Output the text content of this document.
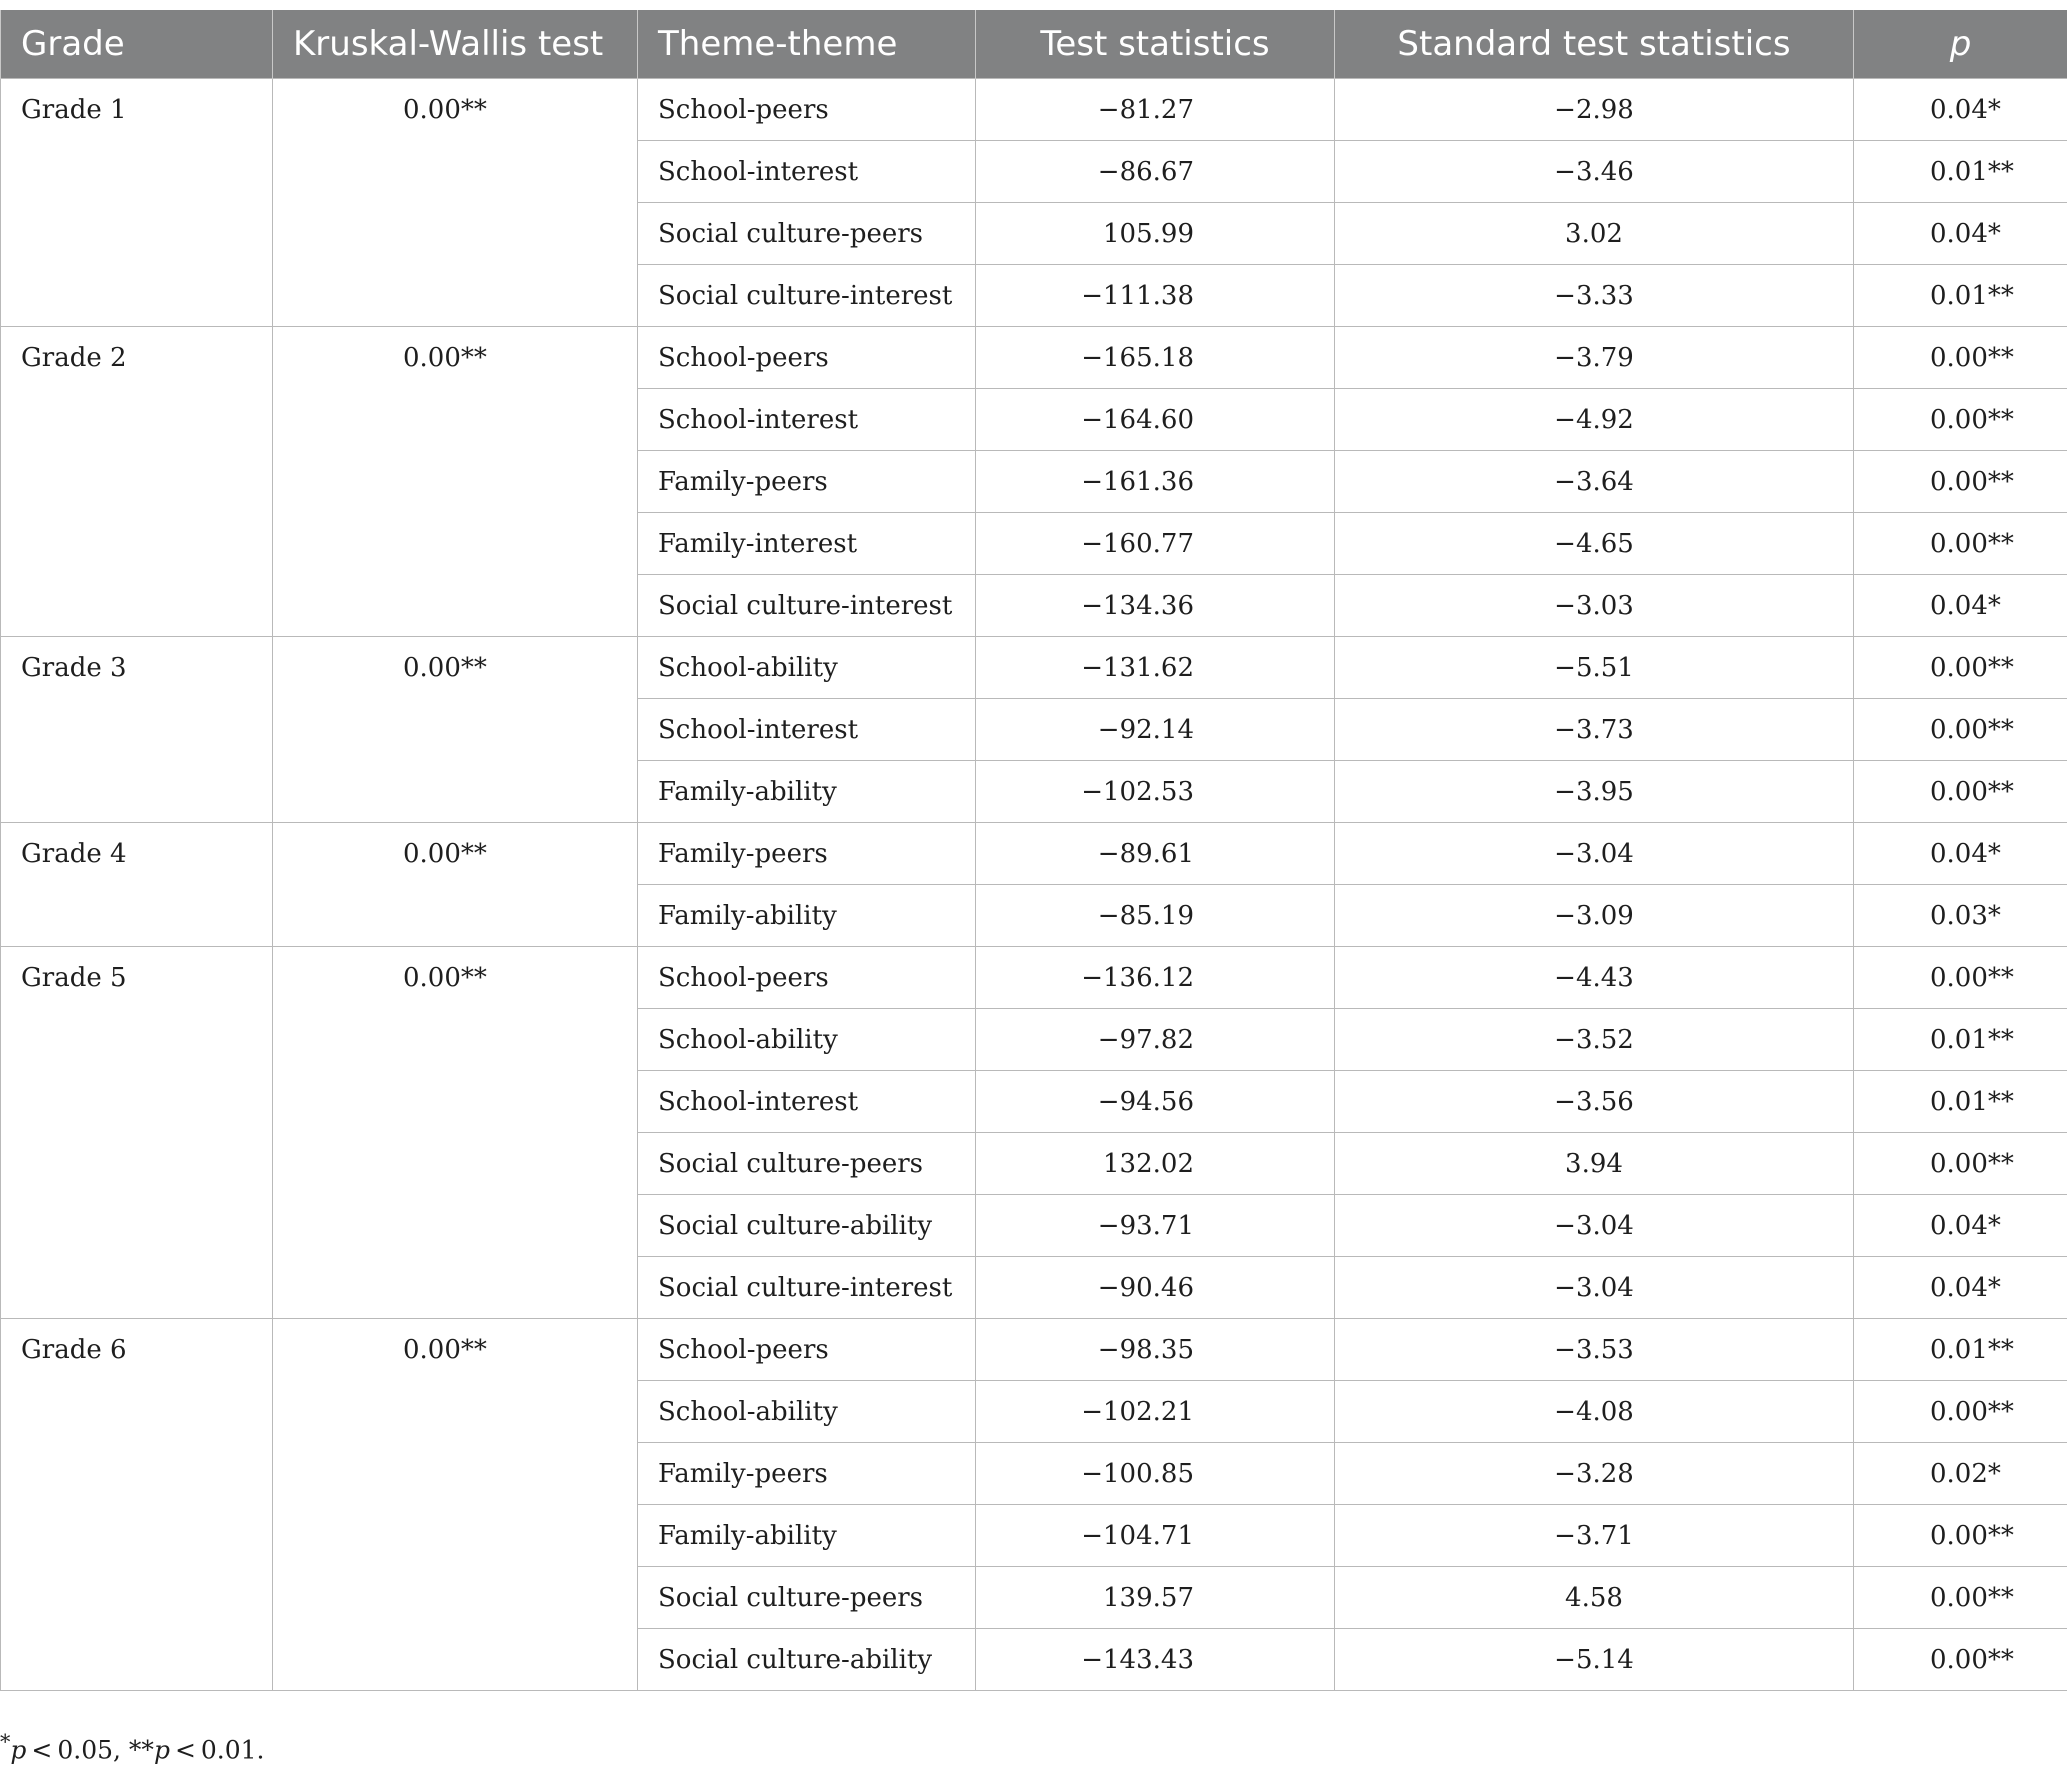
Grade	Kruskal-Wallis test	Theme-theme	Test statistics	Standard test statistics	p
Grade 1	0.00**	School-peers	−81.27	−2.98	0.04*
		School-interest	−86.67	−3.46	0.01**
		Social culture-peers	105.99	3.02	0.04*
		Social culture-interest	−111.38	−3.33	0.01**
Grade 2	0.00**	School-peers	−165.18	−3.79	0.00**
		School-interest	−164.60	−4.92	0.00**
		Family-peers	−161.36	−3.64	0.00**
		Family-interest	−160.77	−4.65	0.00**
		Social culture-interest	−134.36	−3.03	0.04*
Grade 3	0.00**	School-ability	−131.62	−5.51	0.00**
		School-interest	−92.14	−3.73	0.00**
		Family-ability	−102.53	−3.95	0.00**
Grade 4	0.00**	Family-peers	−89.61	−3.04	0.04*
		Family-ability	−85.19	−3.09	0.03*
Grade 5	0.00**	School-peers	−136.12	−4.43	0.00**
		School-ability	−97.82	−3.52	0.01**
		School-interest	−94.56	−3.56	0.01**
		Social culture-peers	132.02	3.94	0.00**
		Social culture-ability	−93.71	−3.04	0.04*
		Social culture-interest	−90.46	−3.04	0.04*
Grade 6	0.00**	School-peers	−98.35	−3.53	0.01**
		School-ability	−102.21	−4.08	0.00**
		Family-peers	−100.85	−3.28	0.02*
		Family-ability	−104.71	−3.71	0.00**
		Social culture-peers	139.57	4.58	0.00**
		Social culture-ability	−143.43	−5.14	0.00**
*p < 0.05, **p < 0.01.
